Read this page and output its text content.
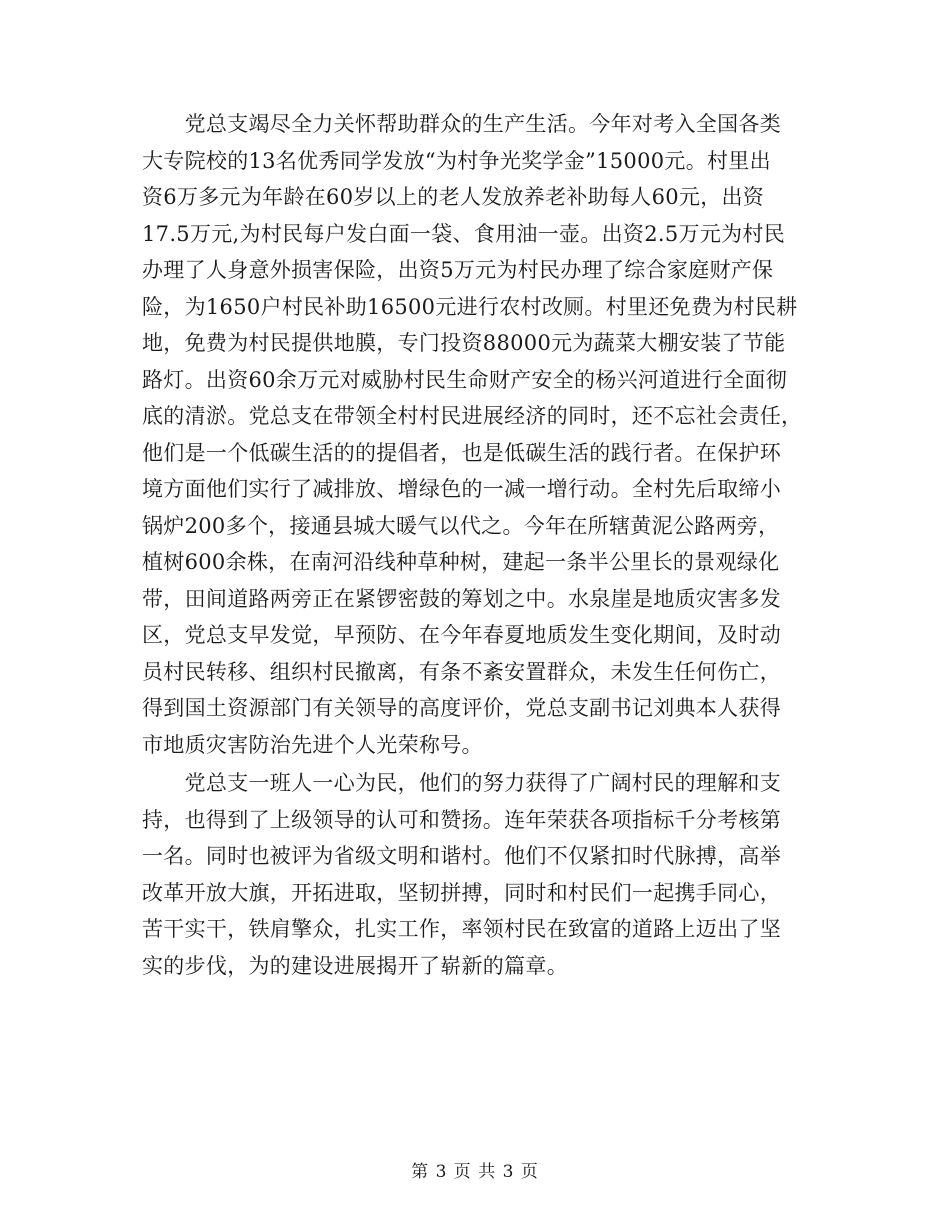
　　党总支竭尽全力关怀帮助群众的生产生活。今年对考入全国各类
大专院校的13名优秀同学发放“为村争光奖学金”15000元。村里出
资6万多元为年龄在60岁以上的老人发放养老补助每人60元，出资
17.5万元,为村民每户发白面一袋、食用油一壶。出资2.5万元为村民
办理了人身意外损害保险，出资5万元为村民办理了综合家庭财产保
险，为1650户村民补助16500元进行农村改厕。村里还免费为村民耕
地，免费为村民提供地膜，专门投资88000元为蔬菜大棚安装了节能
路灯。出资60余万元对威胁村民生命财产安全的杨兴河道进行全面彻
底的清淤。党总支在带领全村村民进展经济的同时，还不忘社会责任，
他们是一个低碳生活的的提倡者，也是低碳生活的践行者。在保护环
境方面他们实行了减排放、增绿色的一减一增行动。全村先后取缔小
锅炉200多个，接通县城大暖气以代之。今年在所辖黄泥公路两旁，
植树600余株，在南河沿线种草种树，建起一条半公里长的景观绿化
带，田间道路两旁正在紧锣密鼓的筹划之中。水泉崖是地质灾害多发
区，党总支早发觉，早预防、在今年春夏地质发生变化期间，及时动
员村民转移、组织村民撤离，有条不紊安置群众，未发生任何伤亡，
得到国土资源部门有关领导的高度评价，党总支副书记刘典本人获得
市地质灾害防治先进个人光荣称号。
　　党总支一班人一心为民，他们的努力获得了广阔村民的理解和支
持，也得到了上级领导的认可和赞扬。连年荣获各项指标千分考核第
一名。同时也被评为省级文明和谐村。他们不仅紧扣时代脉搏，高举
改革开放大旗，开拓进取，坚韧拼搏，同时和村民们一起携手同心，
苦干实干，铁肩擎众，扎实工作，率领村民在致富的道路上迈出了坚
实的步伐，为的建设进展揭开了崭新的篇章。
第 3 页 共 3 页
